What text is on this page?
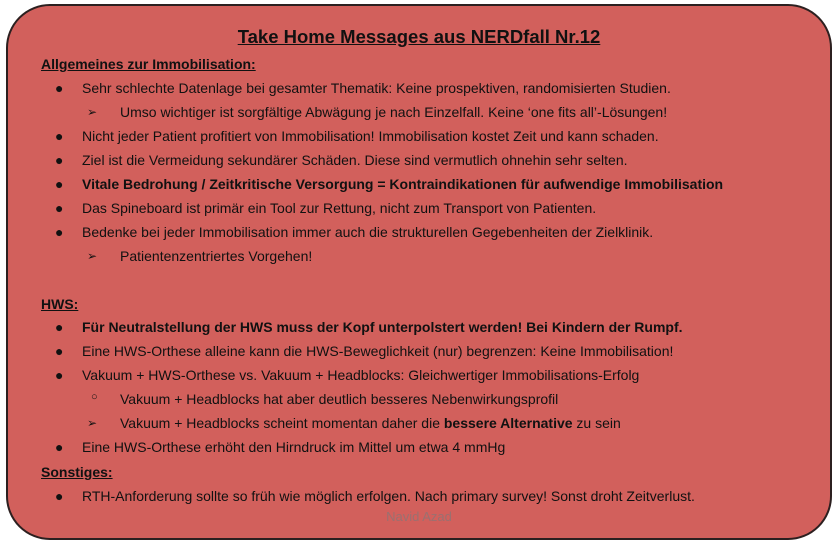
Take Home Messages aus NERDfall Nr.12
Allgemeines zur Immobilisation:
● Sehr schlechte Datenlage bei gesamter Thematik: Keine prospektiven, randomisierten Studien.
➢ Umso wichtiger ist sorgfältige Abwägung je nach Einzelfall. Keine ‘one fits all’-Lösungen!
● Nicht jeder Patient profitiert von Immobilisation! Immobilisation kostet Zeit und kann schaden.
● Ziel ist die Vermeidung sekundärer Schäden. Diese sind vermutlich ohnehin sehr selten.
● Vitale Bedrohung / Zeitkritische Versorgung = Kontraindikationen für aufwendige Immobilisation
● Das Spineboard ist primär ein Tool zur Rettung, nicht zum Transport von Patienten.
● Bedenke bei jeder Immobilisation immer auch die strukturellen Gegebenheiten der Zielklinik.
➢ Patientenzentriertes Vorgehen!
HWS:
● Für Neutralstellung der HWS muss der Kopf unterpolstert werden! Bei Kindern der Rumpf.
● Eine HWS-Orthese alleine kann die HWS-Beweglichkeit (nur) begrenzen: Keine Immobilisation!
● Vakuum + HWS-Orthese vs. Vakuum + Headblocks: Gleichwertiger Immobilisations-Erfolg
○ Vakuum + Headblocks hat aber deutlich besseres Nebenwirkungsprofil
➢ Vakuum + Headblocks scheint momentan daher die bessere Alternative zu sein
● Eine HWS-Orthese erhöht den Hirndruck im Mittel um etwa 4 mmHg
Sonstiges:
● RTH-Anforderung sollte so früh wie möglich erfolgen. Nach primary survey! Sonst droht Zeitverlust.
Navid Azad
